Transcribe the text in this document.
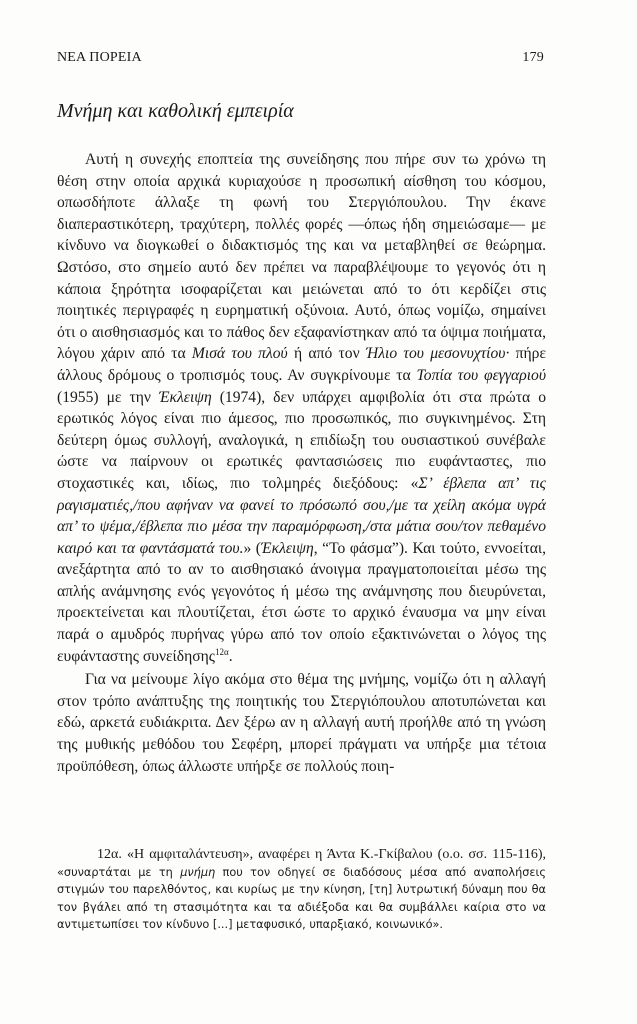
ΝΕΑ ΠΟΡΕΙΑ	179
Μνήμη και καθολική εμπειρία

Αυτή η συνεχής εποπτεία της συνείδησης που πήρε συν τω χρόνω τη θέση στην οποία αρχικά κυριαχούσε η προσωπική αίσθηση του κόσμου, οπωσδήποτε άλλαξε τη φωνή του Στεργιόπουλου. Την έκανε διαπεραστικότερη, τραχύτερη, πολλές φορές —όπως ήδη σημειώσαμε— με κίνδυνο να διογκωθεί ο διδακτισμός της και να μεταβληθεί σε θεώρημα. Ωστόσο, στο σημείο αυτό δεν πρέπει να παραβλέψουμε το γεγονός ότι η κάποια ξηρότητα ισοφαρίζεται και μειώνεται από το ότι κερδίζει στις ποιητικές περιγραφές η ευρηματική οξύνοια. Αυτό, όπως νομίζω, σημαίνει ότι ο αισθησιασμός και το πάθος δεν εξαφανίστηκαν από τα όψιμα ποιήματα, λόγου χάριν από τα Μισά του πλού ή από τον Ήλιο του μεσονυχτίου· πήρε άλλους δρόμους ο τροπισμός τους. Αν συγκρίνουμε τα Τοπία του φεγγαριού (1955) με την Έκλειψη (1974), δεν υπάρχει αμφιβολία ότι στα πρώτα ο ερωτικός λόγος είναι πιο άμεσος, πιο προσωπικός, πιο συγκινημένος. Στη δεύτερη όμως συλλογή, αναλογικά, η επιδίωξη του ουσιαστικού συνέβαλε ώστε να παίρνουν οι ερωτικές φαντασιώσεις πιο ευφάνταστες, πιο στοχαστικές και, ιδίως, πιο τολμηρές διεξόδους: «Σ’ έβλεπα απ’ τις ραγισματιές,/που αφήναν να φανεί το πρόσωπό σου,/με τα χείλη ακόμα υγρά απ’ το ψέμα,/έβλεπα πιο μέσα την παραμόρφωση,/στα μάτια σου/τον πεθαμένο καιρό και τα φαντάσματά του.» (Έκλειψη, “Το φάσμα”). Και τούτο, εννοείται, ανεξάρτητα από το αν το αισθησιακό άνοιγμα πραγματοποιείται μέσω της απλής ανάμνησης ενός γεγονότος ή μέσω της ανάμνησης που διευρύνεται, προεκτείνεται και πλουτίζεται, έτσι ώστε το αρχικό έναυσμα να μην είναι παρά ο αμυδρός πυρήνας γύρω από τον οποίο εξακτινώνεται ο λόγος της ευφάνταστης συνείδησης$^{12\alpha}$.

Για να μείνουμε λίγο ακόμα στο θέμα της μνήμης, νομίζω ότι η αλλαγή στον τρόπο ανάπτυξης της ποιητικής του Στεργιόπουλου αποτυπώνεται και εδώ, αρκετά ευδιάκριτα. Δεν ξέρω αν η αλλαγή αυτή προήλθε από τη γνώση της μυθικής μεθόδου του Σεφέρη, μπορεί πράγματι να υπήρξε μια τέτοια προϋπόθεση, όπως άλλωστε υπήρξε σε πολλούς ποιη-

12α. «Η αμφιταλάντευση», αναφέρει η Άντα Κ.-Γκίβαλου (ο.ο. σσ. 115-116), «συναρτάται με τη μνήμη που τον οδηγεί σε διαδόσους μέσα από αναπολήσεις στιγμών του παρελθόντος, και κυρίως με την κίνηση, [τη] λυτρωτική δύναμη που θα τον βγάλει από τη στασιμότητα και τα αδιέξοδα και θα συμβάλλει καίρια στο να αντιμετωπίσει τον κίνδυνο [...] μεταφυσικό, υπαρξιακό, κοινωνικό».
